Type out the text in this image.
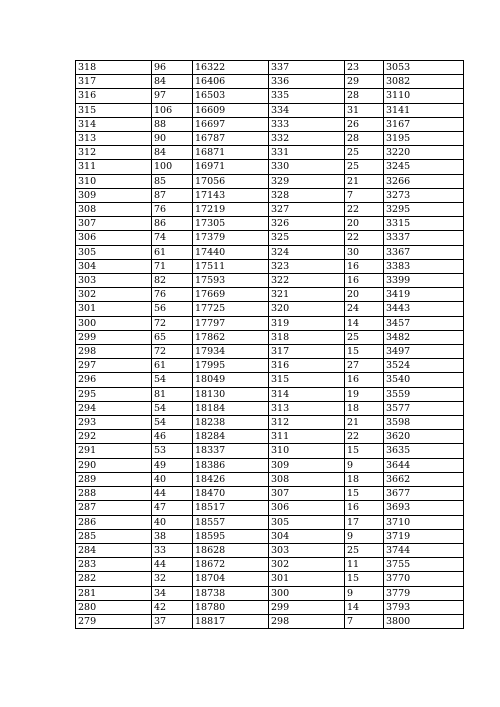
318	96	16322	337	23	3053
317	84	16406	336	29	3082
316	97	16503	335	28	3110
315	106	16609	334	31	3141
314	88	16697	333	26	3167
313	90	16787	332	28	3195
312	84	16871	331	25	3220
311	100	16971	330	25	3245
310	85	17056	329	21	3266
309	87	17143	328	7	3273
308	76	17219	327	22	3295
307	86	17305	326	20	3315
306	74	17379	325	22	3337
305	61	17440	324	30	3367
304	71	17511	323	16	3383
303	82	17593	322	16	3399
302	76	17669	321	20	3419
301	56	17725	320	24	3443
300	72	17797	319	14	3457
299	65	17862	318	25	3482
298	72	17934	317	15	3497
297	61	17995	316	27	3524
296	54	18049	315	16	3540
295	81	18130	314	19	3559
294	54	18184	313	18	3577
293	54	18238	312	21	3598
292	46	18284	311	22	3620
291	53	18337	310	15	3635
290	49	18386	309	9	3644
289	40	18426	308	18	3662
288	44	18470	307	15	3677
287	47	18517	306	16	3693
286	40	18557	305	17	3710
285	38	18595	304	9	3719
284	33	18628	303	25	3744
283	44	18672	302	11	3755
282	32	18704	301	15	3770
281	34	18738	300	9	3779
280	42	18780	299	14	3793
279	37	18817	298	7	3800
